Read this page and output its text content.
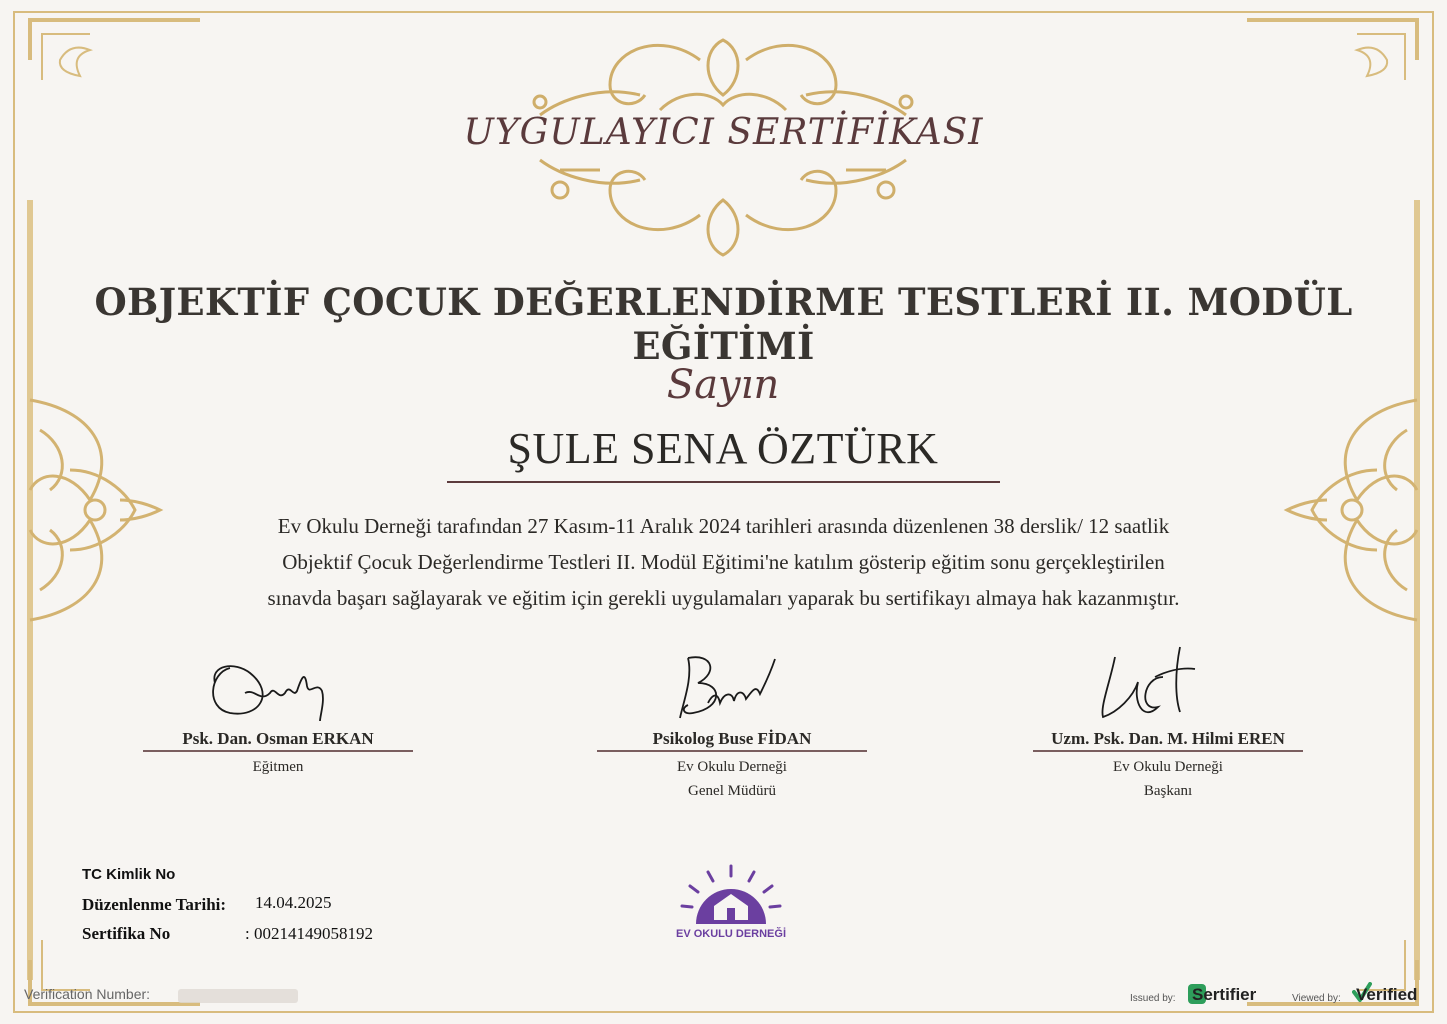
UYGULAYICI SERTİFİKASI
OBJEKTİF ÇOCUK DEĞERLENDİRME TESTLERİ II. MODÜL EĞİTİMİ
Sayın
ŞULE SENA ÖZTÜRK
Ev Okulu Derneği tarafından 27 Kasım-11 Aralık 2024 tarihleri arasında düzenlenen 38 derslik/ 12 saatlik
Objektif Çocuk Değerlendirme Testleri II. Modül Eğitimi'ne katılım gösterip eğitim sonu gerçekleştirilen
sınavda başarı sağlayarak ve eğitim için gerekli uygulamaları yaparak bu sertifikayı almaya hak kazanmıştır.
Psk. Dan. Osman ERKAN
Eğitmen
Psikolog Buse FİDAN
Ev Okulu Derneği
Genel Müdürü
Uzm. Psk. Dan. M. Hilmi EREN
Ev Okulu Derneği
Başkanı
TC Kimlik No
Düzenlenme Tarihi: 14.04.2025
Sertifika No	: 00214149058192	EV OKULU DERNEĞİ
Verification Number:	Issued by: Sertifier	Viewed by: Verified
